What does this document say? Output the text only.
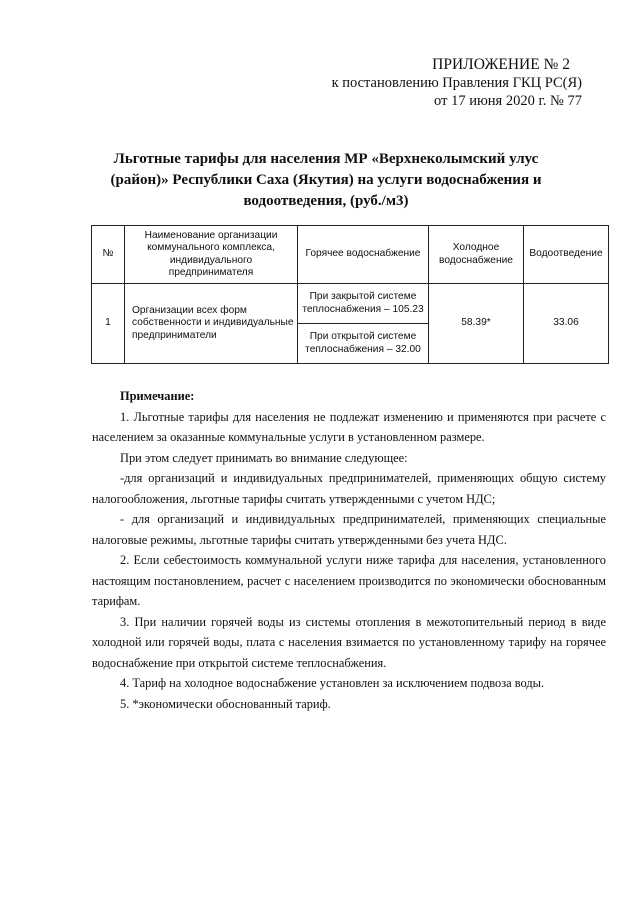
ПРИЛОЖЕНИЕ № 2
к постановлению Правления ГКЦ РС(Я)
от 17 июня 2020 г. № 77
Льготные тарифы для населения МР «Верхнеколымский улус (район)» Республики Саха (Якутия) на услуги водоснабжения и водоотведения, (руб./м3)
№	Наименование организации коммунального комплекса, индивидуального предпринимателя	Горячее водоснабжение	Холодное водоснабжение	Водоотведение
1	Организации всех форм собственности и индивидуальные предприниматели	При закрытой системе теплоснабжения – 105.23	58.39*	33.06
		При открытой системе теплоснабжения – 32.00		

Примечание:

1. Льготные тарифы для населения не подлежат изменению и применяются при расчете с населением за оказанные коммунальные услуги в установленном размере.

При этом следует принимать во внимание следующее:

-для организаций и индивидуальных предпринимателей, применяющих общую систему налогообложения, льготные тарифы считать утвержденными с учетом НДС;

- для организаций и индивидуальных предпринимателей, применяющих специальные налоговые режимы, льготные тарифы считать утвержденными без учета НДС.

2. Если себестоимость коммунальной услуги ниже тарифа для населения, установленного настоящим постановлением, расчет с населением производится по экономически обоснованным тарифам.

3. При наличии горячей воды из системы отопления в межотопительный период в виде холодной или горячей воды, плата с населения взимается по установленному тарифу на горячее водоснабжение при открытой системе теплоснабжения.

4. Тариф на холодное водоснабжение установлен за исключением подвоза воды.

5. *экономически обоснованный тариф.
